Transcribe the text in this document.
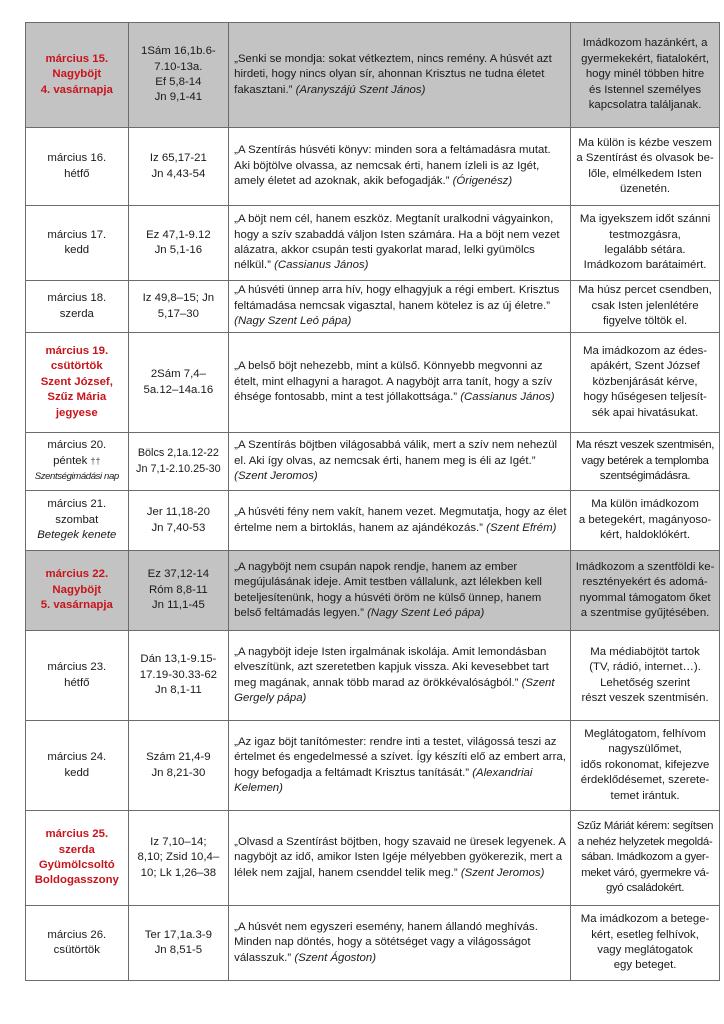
március 15.
Nagyböjt
4. vasárnapja	1Sám 16,1b.6-
7.10-13a.
Ef 5,8-14
Jn 9,1-41	„Senki se mondja: sokat vétkeztem, nincs remény. A húsvét azt hirdeti, hogy nincs olyan sír, ahonnan Krisztus ne tudna életet fakasztani.” (Aranyszájú Szent János)	Imádkozom hazánkért, a
gyermekekért, fiatalokért,
hogy minél többen hitre
és Istennel személyes
kapcsolatra találjanak.

március 16.
hétfő	Iz 65,17-21
Jn 4,43-54	„A Szentírás húsvéti könyv: minden sora a feltámadásra mutat. Aki böjtölve olvassa, az nemcsak érti, hanem ízleli is az Igét, amely életet ad azoknak, akik befogadják.” (Órigenész)	Ma külön is kézbe veszem
a Szentírást és olvasok be-
lőle, elmélkedem Isten
üzenetén.

március 17.
kedd

Ez 47,1-9.12
Jn 5,1-16
	„A böjt nem cél, hanem eszköz. Megtanít uralkodni vágyainkon, hogy a szív szabaddá váljon Isten számára. Ha a böjt nem vezet alázatra, akkor csupán testi gyakorlat marad, lelki gyümölcs nélkül.” (Cassianus János)	
Ma igyekszem időt szánni
testmozgásra,
legalább sétára.
Imádkozom barátaimért.

március 18.
szerda	Iz 49,8–15; Jn
5,17–30	„A húsvéti ünnep arra hív, hogy elhagyjuk a régi embert. Krisztus feltámadása nemcsak vigasztal, hanem kötelez is az új életre.” (Nagy Szent Leó pápa)	Ma húsz percet csendben,
csak Isten jelenlétére
figyelve töltök el.

március 19.
csütörtök
Szent József,
Szűz Mária
jegyese	2Sám 7,4–
5a.12–14a.16	„A belső böjt nehezebb, mint a külső. Könnyebb megvonni az ételt, mint elhagyni a haragot. A nagyböjt arra tanít, hogy a szív éhsége fontosabb, mint a test jóllakottsága.” (Cassianus János)	Ma imádkozom az édes-
apákért, Szent József
közbenjárását kérve,
hogy hűségesen teljesít-
sék apai hivatásukat.

március 20.
péntek ††
Szentségimádási nap	Bölcs 2,1a.12-22
Jn 7,1-2.10.25-30	„A Szentírás böjtben világosabbá válik, mert a szív nem nehezül el. Aki így olvas, az nemcsak érti, hanem meg is éli az Igét.” (Szent Jeromos)	Ma részt veszek szentmisén,
vagy betérek a templomba
szentségimádásra.

március 21.
szombat
Betegek kenete	Jer 11,18-20
Jn 7,40-53	„A húsvéti fény nem vakít, hanem vezet. Megmutatja, hogy az élet értelme nem a birtoklás, hanem az ajándékozás.” (Szent Efrém)	Ma külön imádkozom
a betegekért, magányoso-
kért, haldoklókért.

március 22.
Nagyböjt
5. vasárnapja

Ez 37,12-14
Róm 8,8-11
Jn 11,1-45
	„A nagyböjt nem csupán napok rendje, hanem az ember megújulásának ideje. Amit testben vállalunk, azt lélekben kell beteljesítenünk, hogy a húsvéti öröm ne külső ünnep, hanem belső feltámadás legyen.” (Nagy Szent Leó pápa)	
Imádkozom a szentföldi ke-
resztényekért és adomá-
nyommal támogatom őket
a szentmise gyűjtésében.

március 23.
hétfő	Dán 13,1-9.15-
17.19-30.33-62
Jn 8,1-11	„A nagyböjt ideje Isten irgalmának iskolája. Amit lemondásban elveszítünk, azt szeretetben kapjuk vissza. Aki kevesebbet tart meg magának, annak több marad az örökkévalóságból.” (Szent Gergely pápa)	Ma médiaböjtöt tartok
(TV, rádió, internet…).
Lehetőség szerint
részt veszek szentmisén.

március 24.
kedd

Szám 21,4-9
Jn 8,21-30
	„Az igaz böjt tanítómester: rendre inti a testet, világossá teszi az értelmet és engedelmessé a szívet. Így készíti elő az embert arra, hogy befogadja a feltámadt Krisztus tanítását.” (Alexandriai Kelemen)	
Meglátogatom, felhívom
nagyszülőmet,
idős rokonomat, kifejezve
érdeklődésemet, szerete-
temet irántuk.

március 25.
szerda
Gyümölcsoltó
Boldogasszony	Iz 7,10–14;
8,10; Zsid 10,4–
10; Lk 1,26–38	„Olvasd a Szentírást böjtben, hogy szavaid ne üresek legyenek. A nagyböjt az idő, amikor Isten Igéje mélyebben gyökerezik, mert a lélek nem zajjal, hanem csenddel telik meg.” (Szent Jeromos)	Szűz Máriát kérem: segítsen
a nehéz helyzetek megoldá-
sában. Imádkozom a gyer-
meket váró, gyermekre vá-
gyó családokért.

március 26.
csütörtök	Ter 17,1a.3-9
Jn 8,51-5	„A húsvét nem egyszeri esemény, hanem állandó meghívás. Minden nap döntés, hogy a sötétséget vagy a világosságot válasszuk.” (Szent Ágoston)	Ma imádkozom a betege-
kért, esetleg felhívok,
vagy meglátogatok
egy beteget.
